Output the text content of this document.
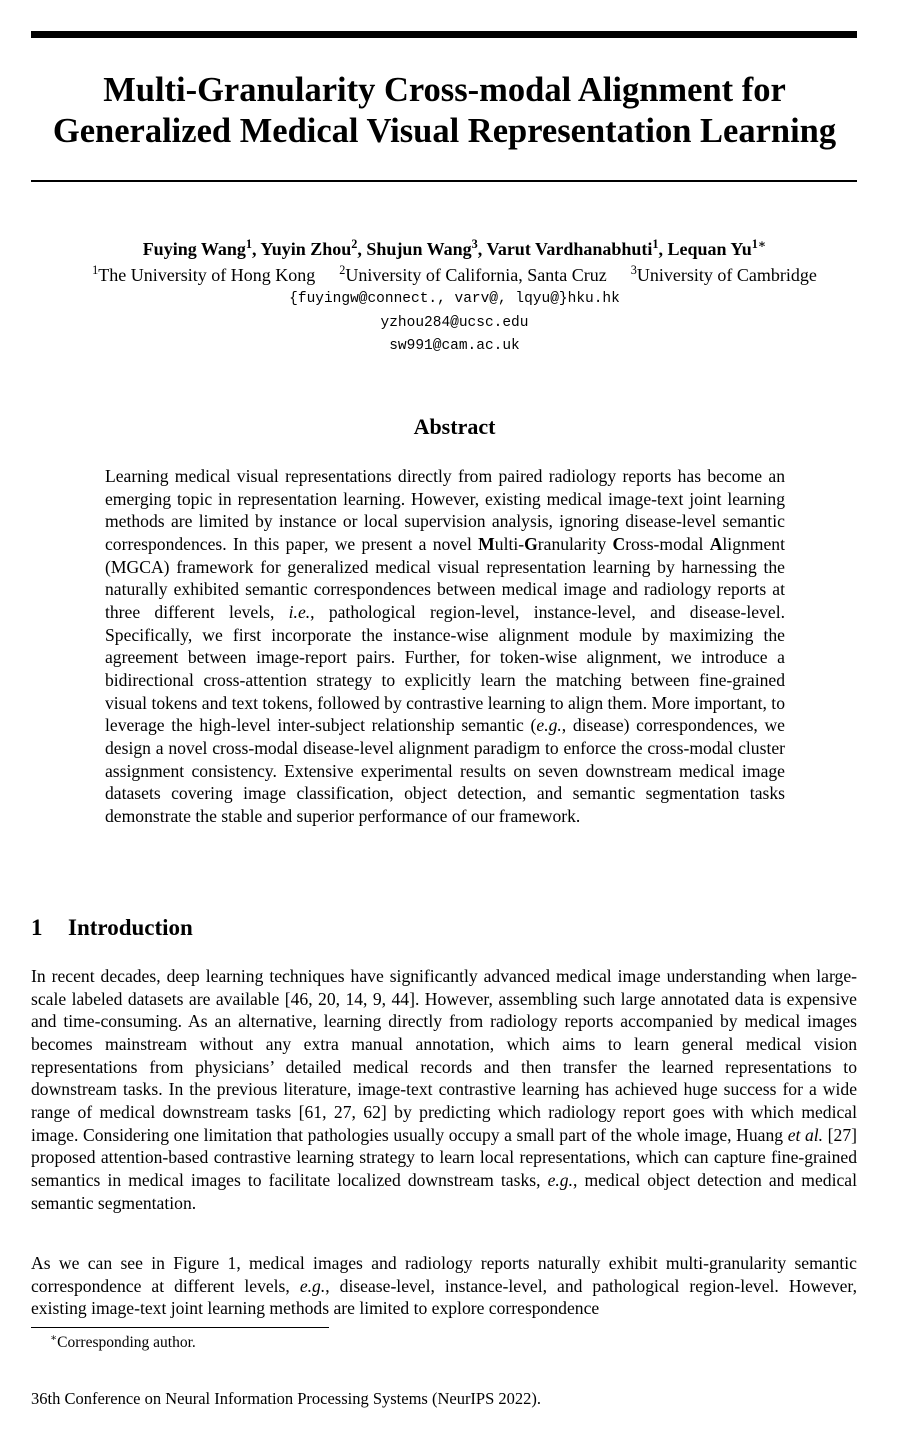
Multi-Granularity Cross-modal Alignment for Generalized Medical Visual Representation Learning
Fuying Wang$^1$, Yuyin Zhou$^2$, Shujun Wang$^3$, Varut Vardhanabhuti$^1$, Lequan $Yu^{1∗}$
$^1$The University of Hong Kong $^2$University of California, Santa Cruz $^3$University of Cambridge
{fuyingw@connect., varv@, lqyu@}hku.hk
yzhou284@ucsc.edu
sw991@cam.ac.uk
Abstract

Learning medical visual representations directly from paired radiology reports has become an emerging topic in representation learning. However, existing medical image-text joint learning methods are limited by instance or local supervision analysis, ignoring disease-level semantic correspondences. In this paper, we present a novel Multi-Granularity Cross-modal Alignment (MGCA) framework for generalized medical visual representation learning by harnessing the naturally exhibited semantic correspondences between medical image and radiology reports at three different levels, i.e., pathological region-level, instance-level, and disease-level. Specifically, we first incorporate the instance-wise alignment module by maximizing the agreement between image-report pairs. Further, for token-wise alignment, we introduce a bidirectional cross-attention strategy to explicitly learn the matching between fine-grained visual tokens and text tokens, followed by contrastive learning to align them. More important, to leverage the high-level inter-subject relationship semantic (e.g., disease) correspondences, we design a novel cross-modal disease-level alignment paradigm to enforce the cross-modal cluster assignment consistency. Extensive experimental results on seven downstream medical image datasets covering image classification, object detection, and semantic segmentation tasks demonstrate the stable and superior performance of our framework.

1 Introduction

In recent decades, deep learning techniques have significantly advanced medical image understanding when large-scale labeled datasets are available [46, 20, 14, 9, 44]. However, assembling such large annotated data is expensive and time-consuming. As an alternative, learning directly from radiology reports accompanied by medical images becomes mainstream without any extra manual annotation, which aims to learn general medical vision representations from physicians’ detailed medical records and then transfer the learned representations to downstream tasks. In the previous literature, image-text contrastive learning has achieved huge success for a wide range of medical downstream tasks [61, 27, 62] by predicting which radiology report goes with which medical image. Considering one limitation that pathologies usually occupy a small part of the whole image, Huang et al. [27] proposed attention-based contrastive learning strategy to learn local representations, which can capture fine-grained semantics in medical images to facilitate localized downstream tasks, e.g., medical object detection and medical semantic segmentation.

As we can see in Figure 1, medical images and radiology reports naturally exhibit multi-granularity semantic correspondence at different levels, e.g., disease-level, instance-level, and pathological region-level. However, existing image-text joint learning methods are limited to explore correspondence

∗Corresponding author.
36th Conference on Neural Information Processing Systems (NeurIPS 2022).
